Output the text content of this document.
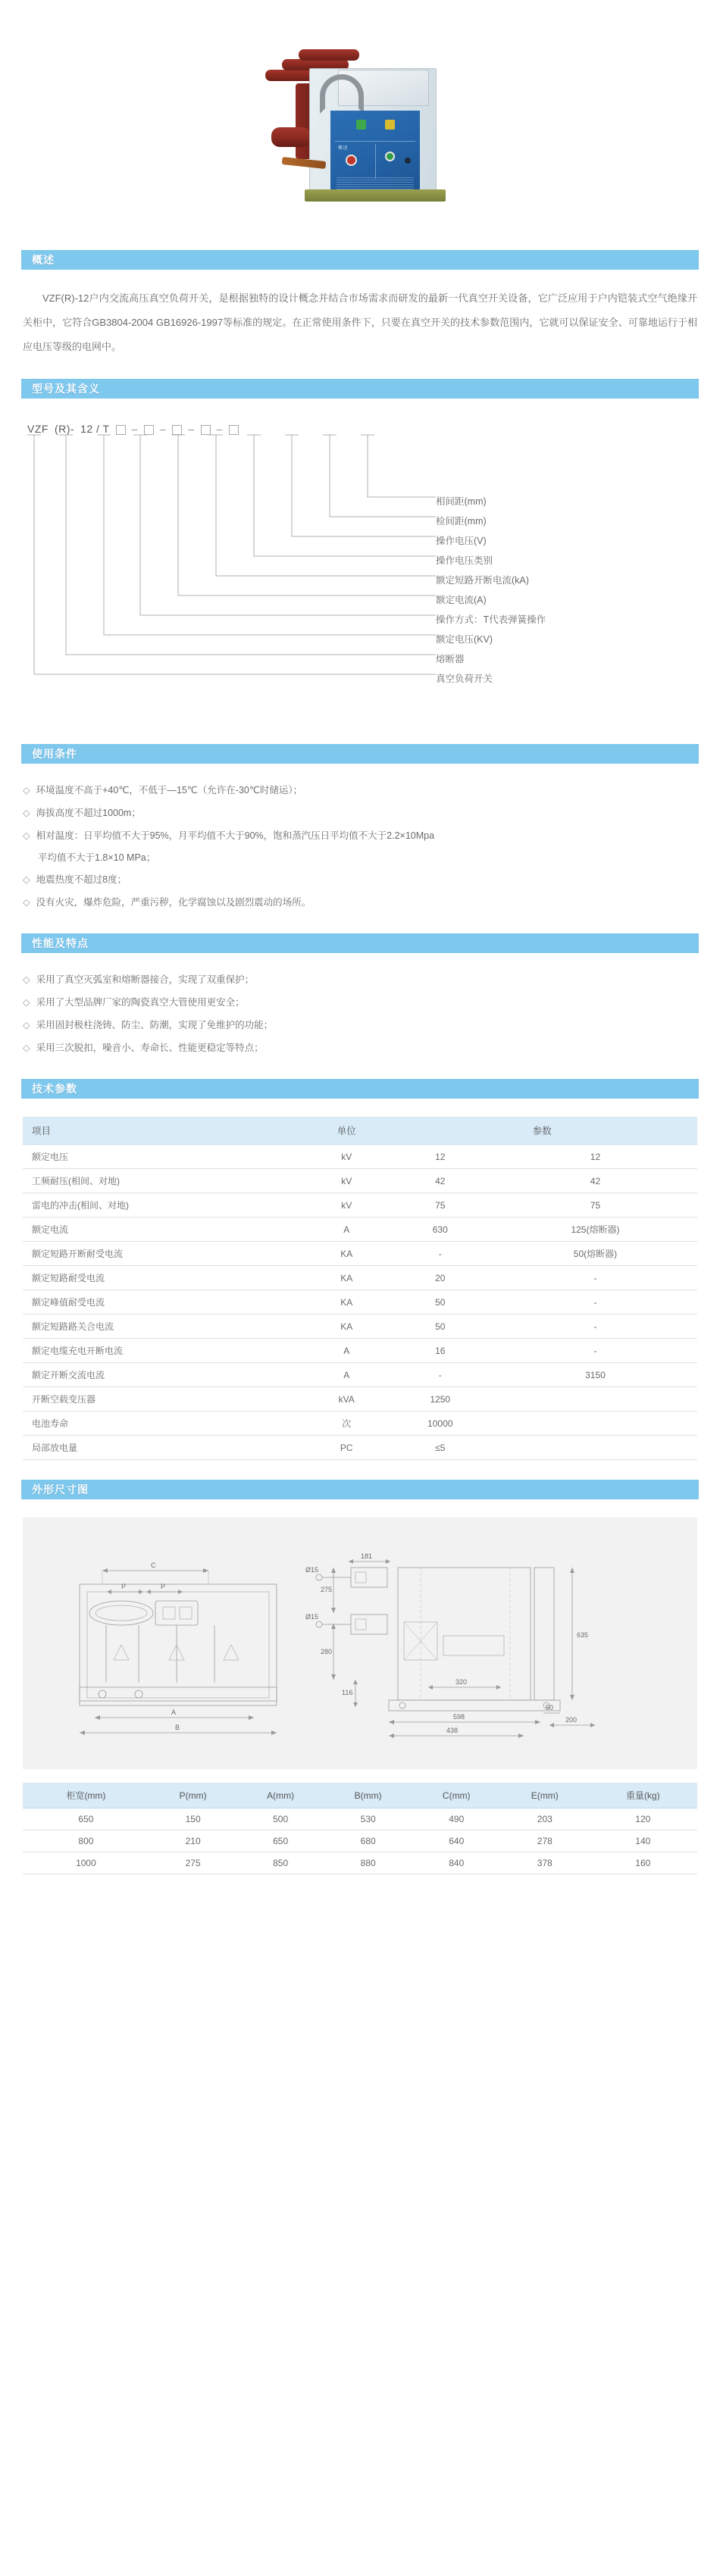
概述
概述

VZF(R)-12户内交流高压真空负荷开关，是根据独特的设计概念并结合市场需求而研发的最新一代真空开关设备，它广泛应用于户内铠装式空气绝缘开关柜中，它符合GB3804-2004 GB16926-1997等标准的规定。在正常使用条件下，只要在真空开关的技术参数范围内，它就可以保证安全、可靠地运行于相应电压等级的电网中。

型号及其含义
VZF (R)- 12 / T – – – –
相间距(mm)
检间距(mm)
操作电压(V)
操作电压类别
额定短路开断电流(kA)
额定电流(A)
操作方式：T代表弹簧操作
额定电压(KV)
熔断器
真空负荷开关
使用条件
◇ 环境温度不高于+40℃，不低于—15℃（允许在-30℃时储运）；
◇ 海拔高度不超过1000m；
◇ 相对温度：日平均值不大于95%，月平均值不大于90%，饱和蒸汽压日平均值不大于2.2×10Mpa
平均值不大于1.8×10 MPa；
◇ 地震热度不超过8度；
◇ 没有火灾，爆炸危险，严重污秽，化学腐蚀以及剧烈震动的场所。
性能及特点
◇ 采用了真空灭弧室和熔断器接合，实现了双重保护；
◇ 采用了大型品牌厂家的陶瓷真空大管使用更安全；
◇ 采用固封极柱浇铸、防尘、防潮，实现了免维护的功能；
◇ 采用三次脱扣，噪音小、寿命长、性能更稳定等特点；
技术参数
项目	单位	参数	
额定电压	kV	12	12
工频耐压(相间、对地)	kV	42	42
雷电的冲击(相间、对地)	kV	75	75
额定电流	A	630	125(熔断器)
额定短路开断耐受电流	KA	-	50(熔断器)
额定短路耐受电流	KA	20	-
额定峰值耐受电流	KA	50	-
额定短路路关合电流	KA	50	-
额定电缆充电开断电流	A	16	-
额定开断交流电流	A	-	3150
开断空载变压器	kVA	1250	
电池寿命	次	10000	
局部放电量	PC	≤5	
外形尺寸图
C
P	P
A
B
181
Ø15
Ø15
275
280
635
116
320
598
438
50
200
柜宽(mm)	P(mm)	A(mm)	B(mm)	C(mm)	E(mm)	重量(kg)
650	150	500	530	490	203	120
800	210	650	680	640	278	140
1000	275	850	880	840	378	160
